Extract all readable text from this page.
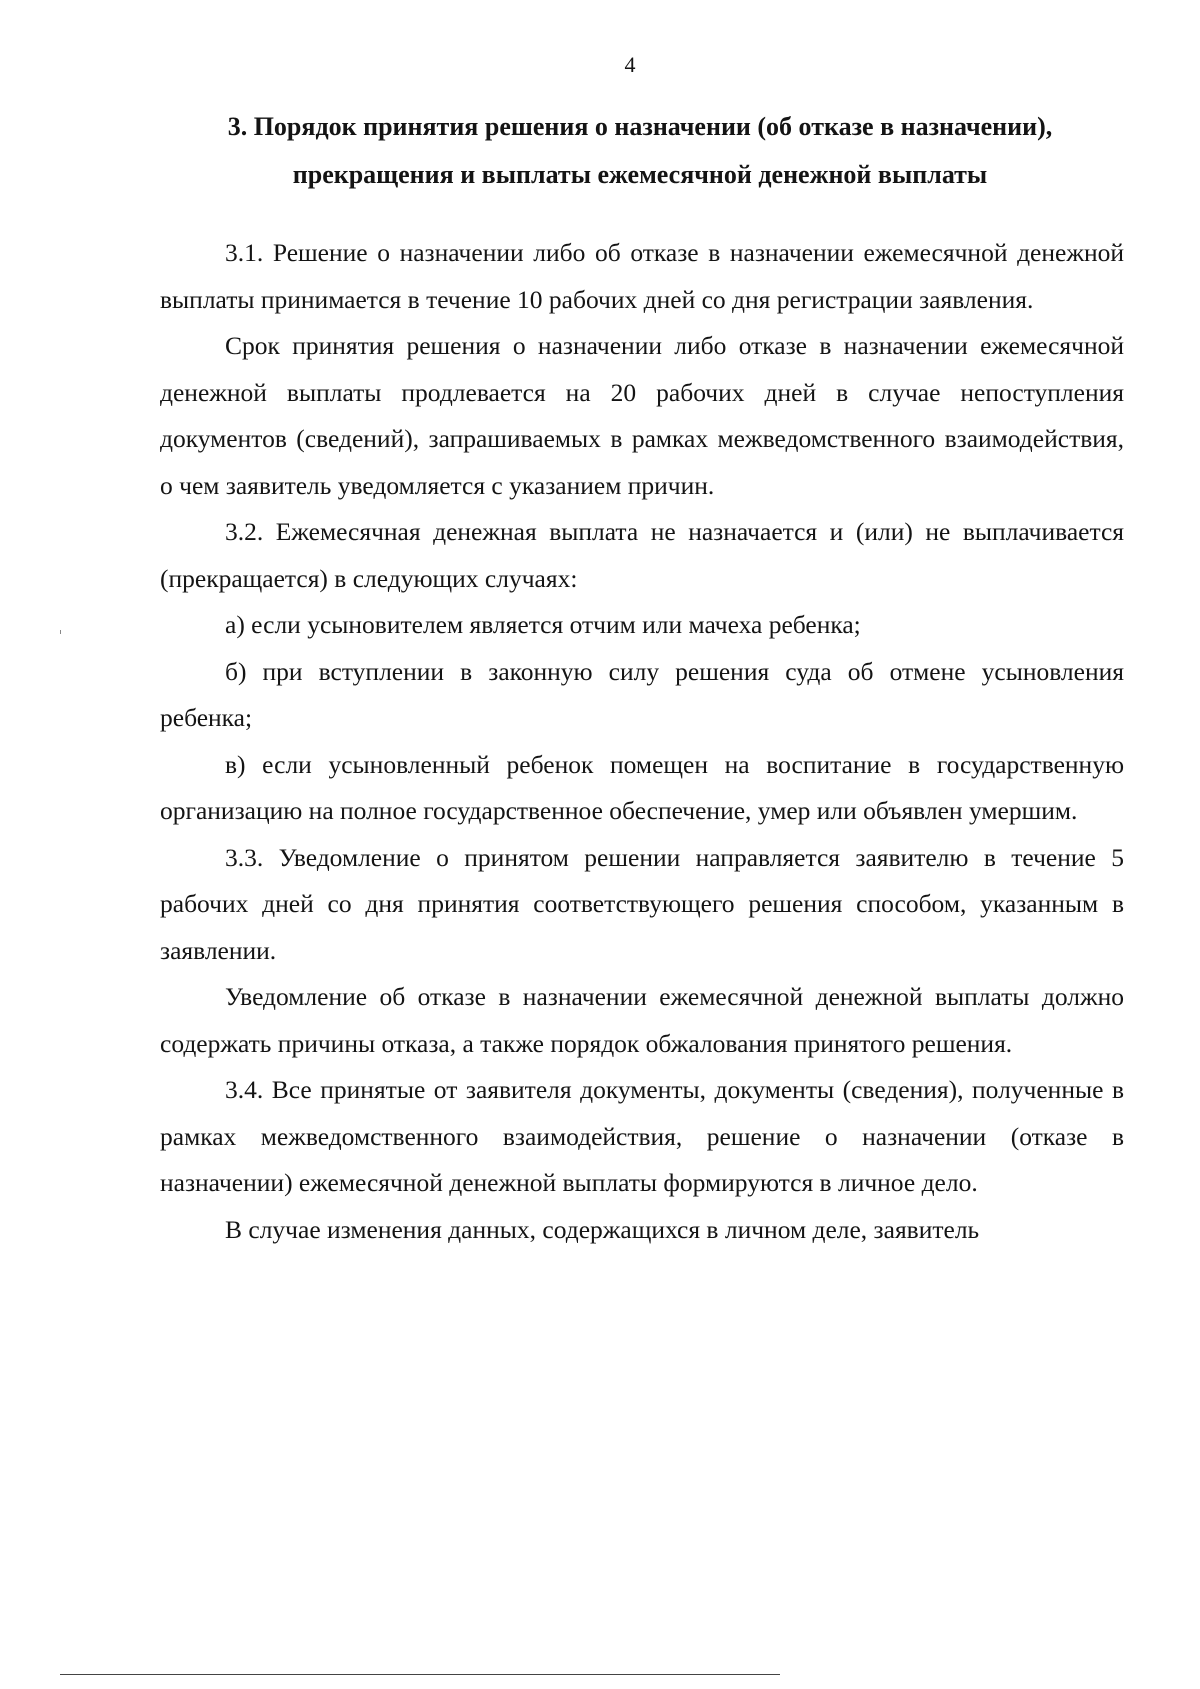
4
3. Порядок принятия решения о назначении (об отказе в назначении),
прекращения и выплаты ежемесячной денежной выплаты

3.1. Решение о назначении либо об отказе в назначении ежемесячной денежной выплаты принимается в течение 10 рабочих дней со дня регистрации заявления.

Срок принятия решения о назначении либо отказе в назначении ежемесячной денежной выплаты продлевается на 20 рабочих дней в случае непоступления документов (сведений), запрашиваемых в рамках межведомственного взаимодействия, о чем заявитель уведомляется с указанием причин.

3.2. Ежемесячная денежная выплата не назначается и (или) не выплачивается (прекращается) в следующих случаях:

а) если усыновителем является отчим или мачеха ребенка;

б) при вступлении в законную силу решения суда об отмене усыновления ребенка;

в) если усыновленный ребенок помещен на воспитание в государственную организацию на полное государственное обеспечение, умер или объявлен умершим.

3.3. Уведомление о принятом решении направляется заявителю в течение 5 рабочих дней со дня принятия соответствующего решения способом, указанным в заявлении.

Уведомление об отказе в назначении ежемесячной денежной выплаты должно содержать причины отказа, а также порядок обжалования принятого решения.

3.4. Все принятые от заявителя документы, документы (сведения), полученные в рамках межведомственного взаимодействия, решение о назначении (отказе в назначении) ежемесячной денежной выплаты формируются в личное дело.

В случае изменения данных, содержащихся в личном деле, заявитель
